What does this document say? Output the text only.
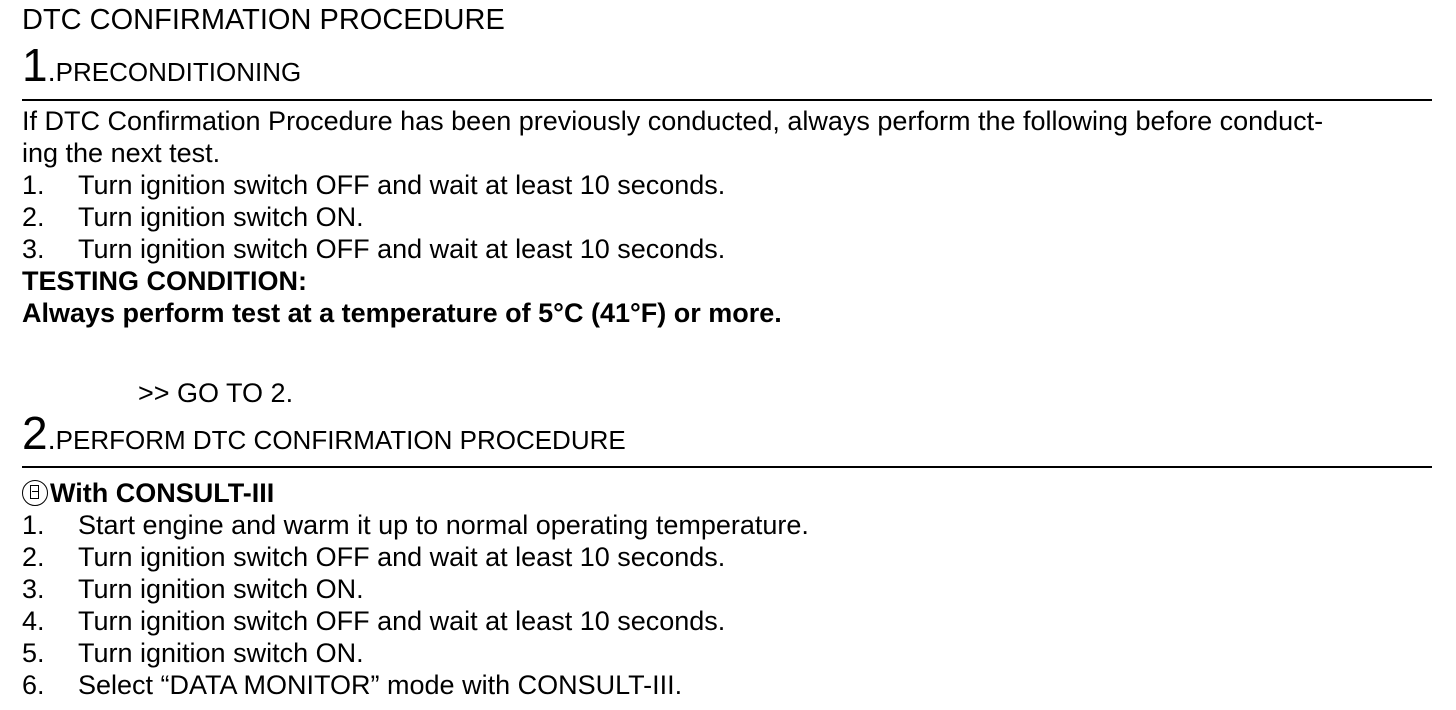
DTC CONFIRMATION PROCEDURE
1.PRECONDITIONING
If DTC Confirmation Procedure has been previously conducted, always perform the following before conduct-
ing the next test.
1. Turn ignition switch OFF and wait at least 10 seconds.
2. Turn ignition switch ON.
3. Turn ignition switch OFF and wait at least 10 seconds.
TESTING CONDITION:
Always perform test at a temperature of 5°C (41°F) or more.
>> GO TO 2.
2.PERFORM DTC CONFIRMATION PROCEDURE
With CONSULT-III
1. Start engine and warm it up to normal operating temperature.
2. Turn ignition switch OFF and wait at least 10 seconds.
3. Turn ignition switch ON.
4. Turn ignition switch OFF and wait at least 10 seconds.
5. Turn ignition switch ON.
6. Select “DATA MONITOR” mode with CONSULT-III.
